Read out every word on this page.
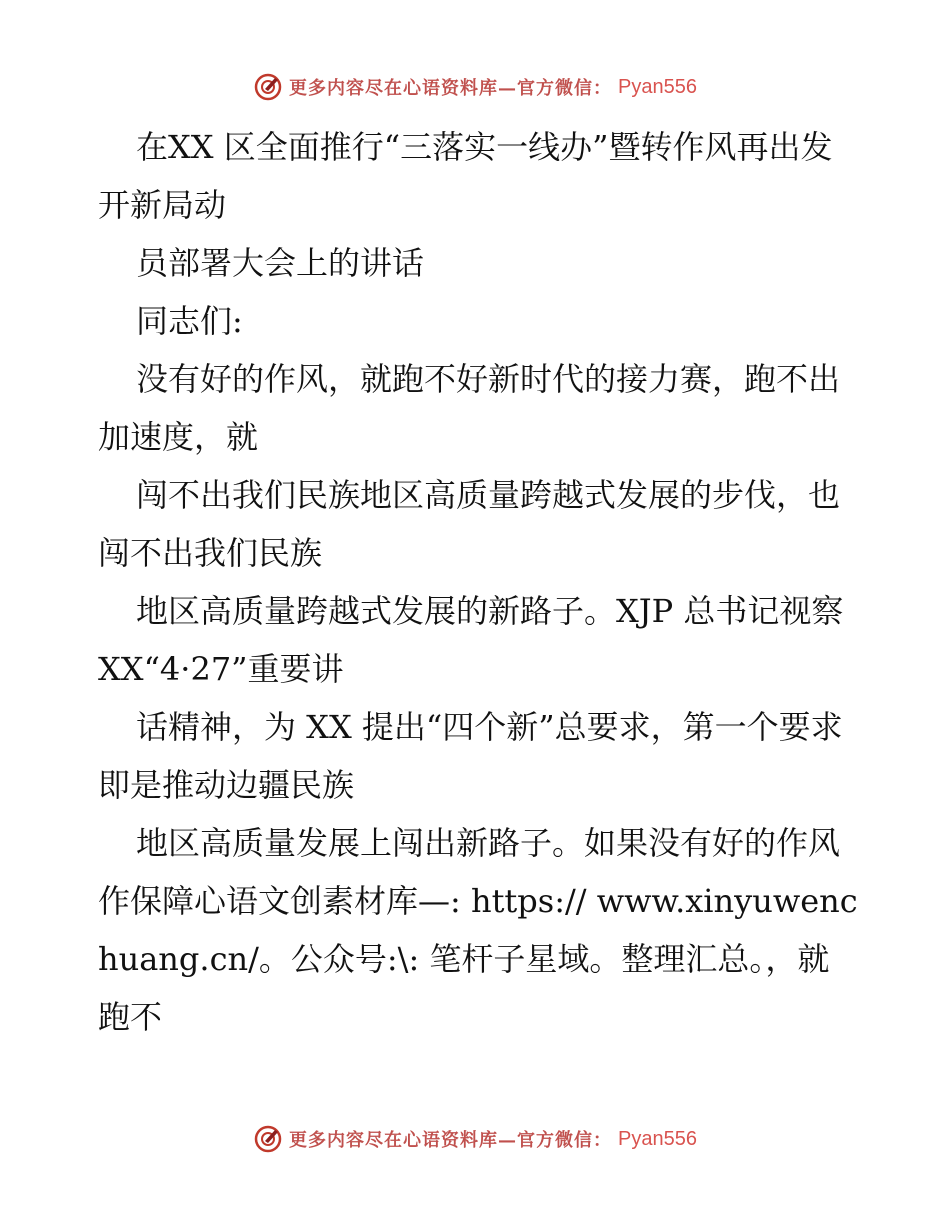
更多内容尽在心语资料库—官方微信： Pyan556

在XX 区全面推行“三落实一线办”暨转作风再出发开新局动

员部署大会上的讲话

同志们:

没有好的作风，就跑不好新时代的接力赛，跑不出加速度，就

闯不出我们民族地区高质量跨越式发展的步伐，也闯不出我们民族

地区高质量跨越式发展的新路子。XJP 总书记视察 XX“4·27”重要讲

话精神，为 XX 提出“四个新”总要求，第一个要求即是推动边疆民族

地区高质量发展上闯出新路子。如果没有好的作风作保障心语文创素材库—: https:// www.xinyuwenchuang.cn/。公众号:\: 笔杆子星域。整理汇总。，就跑不

更多内容尽在心语资料库—官方微信： Pyan556
